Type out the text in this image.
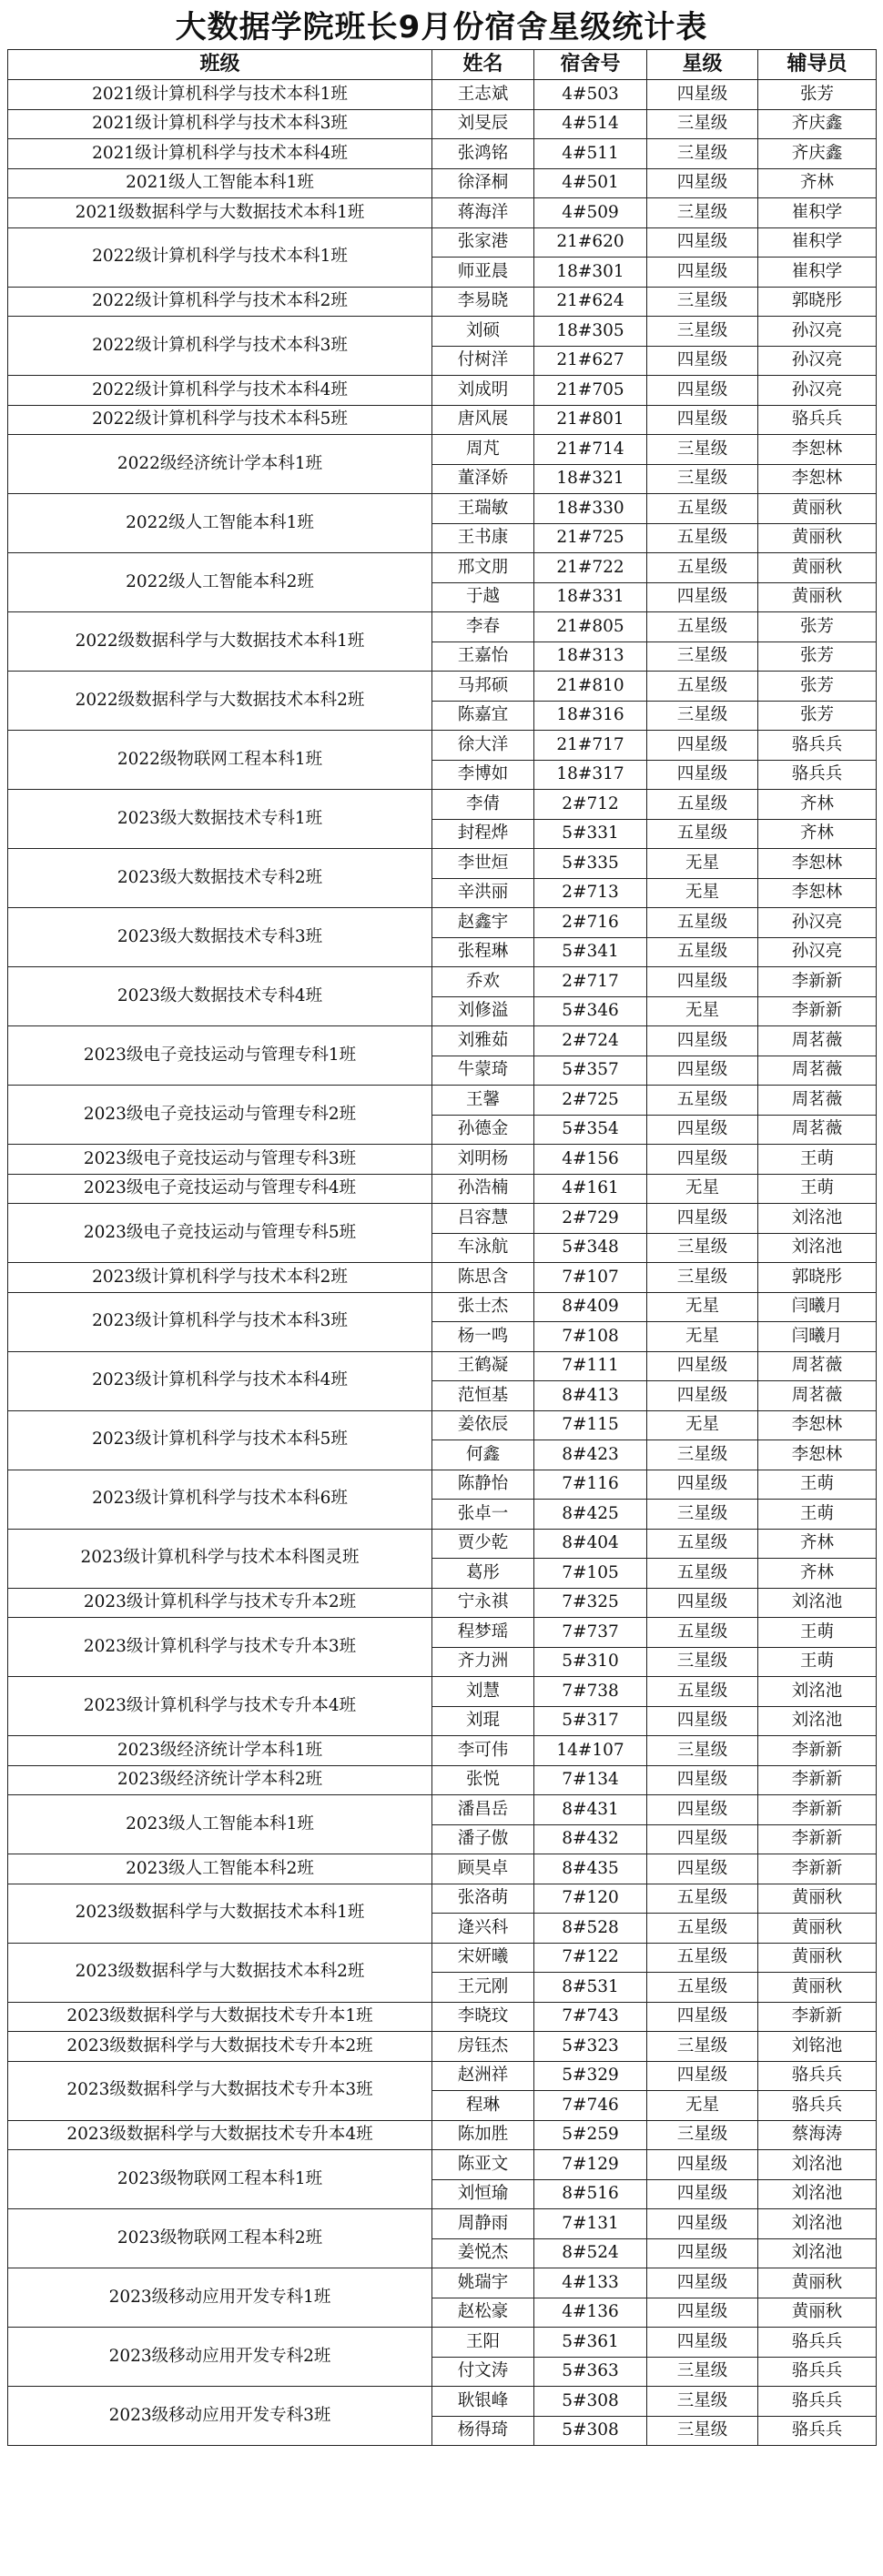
大数据学院班长9月份宿舍星级统计表
班级	姓名	宿舍号	星级	辅导员
2021级计算机科学与技术本科1班	王志斌	4#503	四星级	张芳
2021级计算机科学与技术本科3班	刘旻辰	4#514	三星级	齐庆鑫
2021级计算机科学与技术本科4班	张鸿铭	4#511	三星级	齐庆鑫
2021级人工智能本科1班	徐泽桐	4#501	四星级	齐林
2021级数据科学与大数据技术本科1班	蒋海洋	4#509	三星级	崔积学
2022级计算机科学与技术本科1班	张家港	21#620	四星级	崔积学
	师亚晨	18#301	四星级	崔积学
2022级计算机科学与技术本科2班	李易晓	21#624	三星级	郭晓彤
2022级计算机科学与技术本科3班	刘硕	18#305	三星级	孙汉亮
	付树洋	21#627	四星级	孙汉亮
2022级计算机科学与技术本科4班	刘成明	21#705	四星级	孙汉亮
2022级计算机科学与技术本科5班	唐风展	21#801	四星级	骆兵兵
2022级经济统计学本科1班	周芃	21#714	三星级	李恕林
	董泽娇	18#321	三星级	李恕林
2022级人工智能本科1班	王瑞敏	18#330	五星级	黄丽秋
	王书康	21#725	五星级	黄丽秋
2022级人工智能本科2班	邢文朋	21#722	五星级	黄丽秋
	于越	18#331	四星级	黄丽秋
2022级数据科学与大数据技术本科1班	李春	21#805	五星级	张芳
	王嘉怡	18#313	三星级	张芳
2022级数据科学与大数据技术本科2班	马邦硕	21#810	五星级	张芳
	陈嘉宜	18#316	三星级	张芳
2022级物联网工程本科1班	徐大洋	21#717	四星级	骆兵兵
	李博如	18#317	四星级	骆兵兵
2023级大数据技术专科1班	李倩	2#712	五星级	齐林
	封程烨	5#331	五星级	齐林
2023级大数据技术专科2班	李世烜	5#335	无星	李恕林
	辛洪丽	2#713	无星	李恕林
2023级大数据技术专科3班	赵鑫宇	2#716	五星级	孙汉亮
	张程琳	5#341	五星级	孙汉亮
2023级大数据技术专科4班	乔欢	2#717	四星级	李新新
	刘修溢	5#346	无星	李新新
2023级电子竞技运动与管理专科1班	刘雅茹	2#724	四星级	周茗薇
	牛蒙琦	5#357	四星级	周茗薇
2023级电子竞技运动与管理专科2班	王馨	2#725	五星级	周茗薇
	孙德金	5#354	四星级	周茗薇
2023级电子竞技运动与管理专科3班	刘明杨	4#156	四星级	王萌
2023级电子竞技运动与管理专科4班	孙浩楠	4#161	无星	王萌
2023级电子竞技运动与管理专科5班	吕容慧	2#729	四星级	刘洺池
	车泳航	5#348	三星级	刘洺池
2023级计算机科学与技术本科2班	陈思含	7#107	三星级	郭晓彤
2023级计算机科学与技术本科3班	张士杰	8#409	无星	闫曦月
	杨一鸣	7#108	无星	闫曦月
2023级计算机科学与技术本科4班	王鹤凝	7#111	四星级	周茗薇
	范恒基	8#413	四星级	周茗薇
2023级计算机科学与技术本科5班	姜依辰	7#115	无星	李恕林
	何鑫	8#423	三星级	李恕林
2023级计算机科学与技术本科6班	陈静怡	7#116	四星级	王萌
	张卓一	8#425	三星级	王萌
2023级计算机科学与技术本科图灵班	贾少乾	8#404	五星级	齐林
	葛彤	7#105	五星级	齐林
2023级计算机科学与技术专升本2班	宁永祺	7#325	四星级	刘洺池
2023级计算机科学与技术专升本3班	程梦瑶	7#737	五星级	王萌
	齐力洲	5#310	三星级	王萌
2023级计算机科学与技术专升本4班	刘慧	7#738	五星级	刘洺池
	刘琨	5#317	四星级	刘洺池
2023级经济统计学本科1班	李可伟	14#107	三星级	李新新
2023级经济统计学本科2班	张悦	7#134	四星级	李新新
2023级人工智能本科1班	潘昌岳	8#431	四星级	李新新
	潘子傲	8#432	四星级	李新新
2023级人工智能本科2班	顾昊卓	8#435	四星级	李新新
2023级数据科学与大数据技术本科1班	张洛萌	7#120	五星级	黄丽秋
	逄兴科	8#528	五星级	黄丽秋
2023级数据科学与大数据技术本科2班	宋妍曦	7#122	五星级	黄丽秋
	王元刚	8#531	五星级	黄丽秋
2023级数据科学与大数据技术专升本1班	李晓玟	7#743	四星级	李新新
2023级数据科学与大数据技术专升本2班	房钰杰	5#323	三星级	刘铭池
2023级数据科学与大数据技术专升本3班	赵洲祥	5#329	四星级	骆兵兵
	程琳	7#746	无星	骆兵兵
2023级数据科学与大数据技术专升本4班	陈加胜	5#259	三星级	蔡海涛
2023级物联网工程本科1班	陈亚文	7#129	四星级	刘洺池
	刘恒瑜	8#516	四星级	刘洺池
2023级物联网工程本科2班	周静雨	7#131	四星级	刘洺池
	姜悦杰	8#524	四星级	刘洺池
2023级移动应用开发专科1班	姚瑞宇	4#133	四星级	黄丽秋
	赵松豪	4#136	四星级	黄丽秋
2023级移动应用开发专科2班	王阳	5#361	四星级	骆兵兵
	付文涛	5#363	三星级	骆兵兵
2023级移动应用开发专科3班	耿银峰	5#308	三星级	骆兵兵
	杨得琦	5#308	三星级	骆兵兵
